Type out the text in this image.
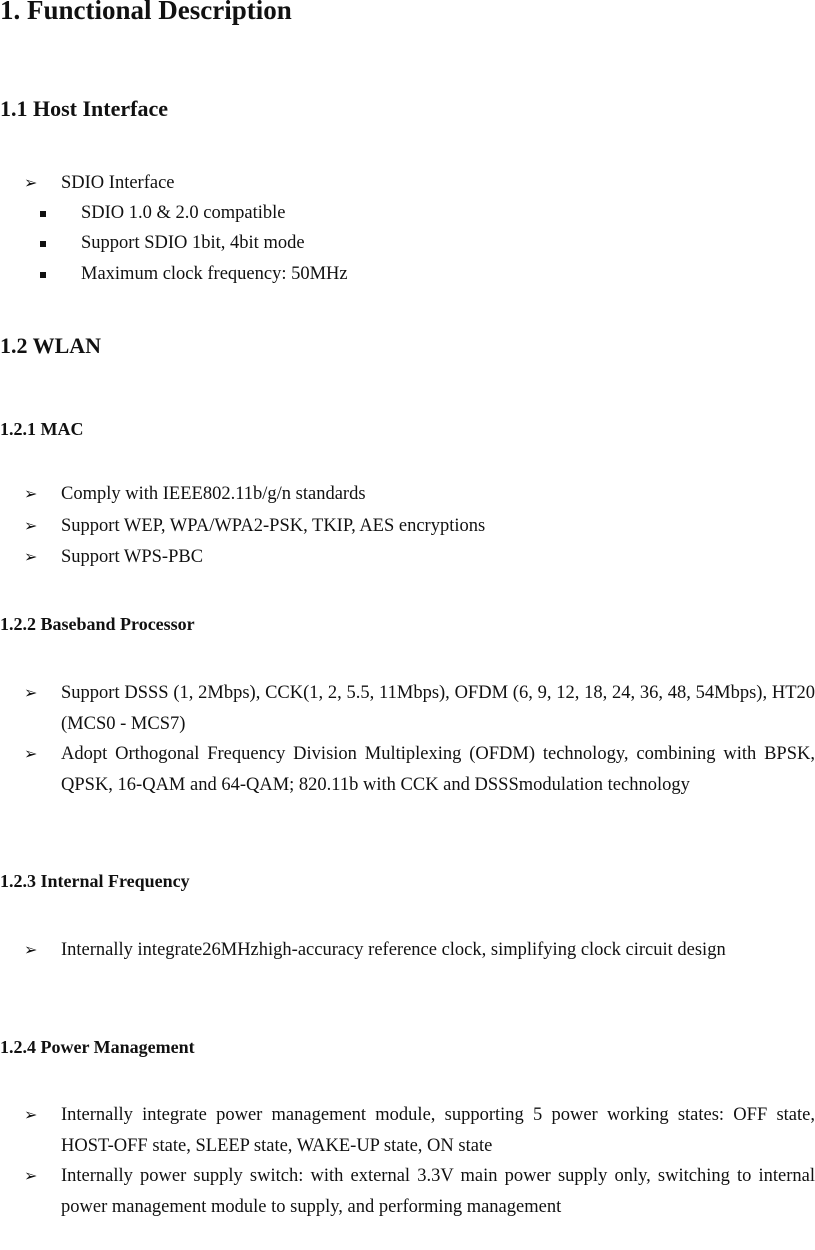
1. Functional Description
1.1 Host Interface
➢ SDIO Interface
SDIO 1.0 & 2.0 compatible
Support SDIO 1bit, 4bit mode
Maximum clock frequency: 50MHz
1.2 WLAN
1.2.1 MAC
➢ Comply with IEEE802.11b/g/n standards
➢ Support WEP, WPA/WPA2-PSK, TKIP, AES encryptions
➢ Support WPS-PBC
1.2.2 Baseband Processor
➢ Support DSSS (1, 2Mbps), CCK(1, 2, 5.5, 11Mbps), OFDM (6, 9, 12, 18, 24, 36, 48, 54Mbps), HT20 (MCS0 - MCS7)
➢ Adopt Orthogonal Frequency Division Multiplexing (OFDM) technology, combining with BPSK, QPSK, 16-QAM and 64-QAM; 820.11b with CCK and DSSSmodulation technology
1.2.3 Internal Frequency
➢ Internally integrate26MHzhigh-accuracy reference clock, simplifying clock circuit design
1.2.4 Power Management
➢ Internally integrate power management module, supporting 5 power working states: OFF state, HOST-OFF state, SLEEP state, WAKE-UP state, ON state
➢ Internally power supply switch: with external 3.3V main power supply only, switching to internal power management module to supply, and performing management
